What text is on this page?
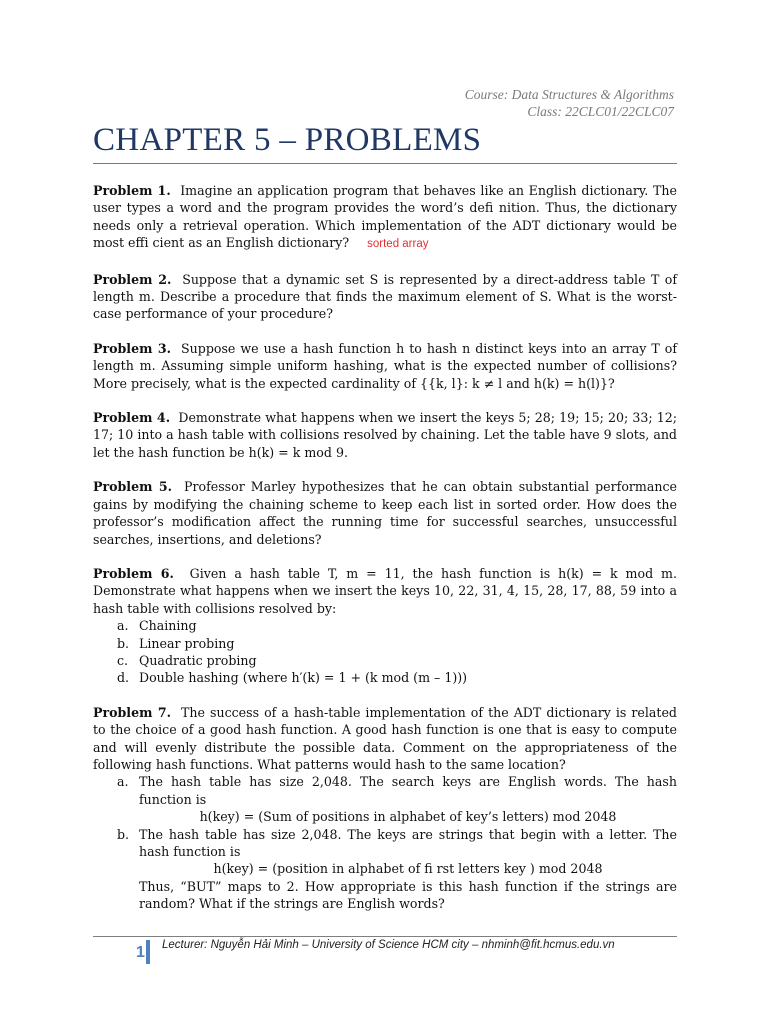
Course: Data Structures & Algorithms
Class: 22CLC01/22CLC07
CHAPTER 5 – PROBLEMS

Problem 1. Imagine an application program that behaves like an English dictionary. The user types a word and the program provides the word’s defi nition. Thus, the dictionary needs only a retrieval operation. Which implementation of the ADT dictionary would be most effi cient as an English dictionary? sorted array

Problem 2. Suppose that a dynamic set S is represented by a direct-address table T of length m. Describe a procedure that finds the maximum element of S. What is the worst-case performance of your procedure?

Problem 3. Suppose we use a hash function h to hash n distinct keys into an array T of length m. Assuming simple uniform hashing, what is the expected number of collisions? More precisely, what is the expected cardinality of {{k, l}: k ≠ l and h(k) = h(l)}?

Problem 4. Demonstrate what happens when we insert the keys 5; 28; 19; 15; 20; 33; 12; 17; 10 into a hash table with collisions resolved by chaining. Let the table have 9 slots, and let the hash function be h(k) = k mod 9.

Problem 5. Professor Marley hypothesizes that he can obtain substantial performance gains by modifying the chaining scheme to keep each list in sorted order. How does the professor’s modification affect the running time for successful searches, unsuccessful searches, insertions, and deletions?

Problem 6. Given a hash table T, m = 11, the hash function is h(k) = k mod m. Demonstrate what happens when we insert the keys 10, 22, 31, 4, 15, 28, 17, 88, 59 into a hash table with collisions resolved by:
a. Chaining
b. Linear probing
c. Quadratic probing
d. Double hashing (where h′(k) = 1 + (k mod (m – 1)))
Problem 7. The success of a hash-table implementation of the ADT dictionary is related to the choice of a good hash function. A good hash function is one that is easy to compute and will evenly distribute the possible data. Comment on the appropriateness of the following hash functions. What patterns would hash to the same location?
a. The hash table has size 2,048. The search keys are English words. The hash function is
h(key) = (Sum of positions in alphabet of key’s letters) mod 2048
b. The hash table has size 2,048. The keys are strings that begin with a letter. The hash function is
h(key) = (position in alphabet of fi rst letters key ) mod 2048
Thus, “BUT” maps to 2. How appropriate is this hash function if the strings are random? What if the strings are English words?
1 Lecturer: Nguyễn Hải Minh – University of Science HCM city – nhminh@fit.hcmus.edu.vn
